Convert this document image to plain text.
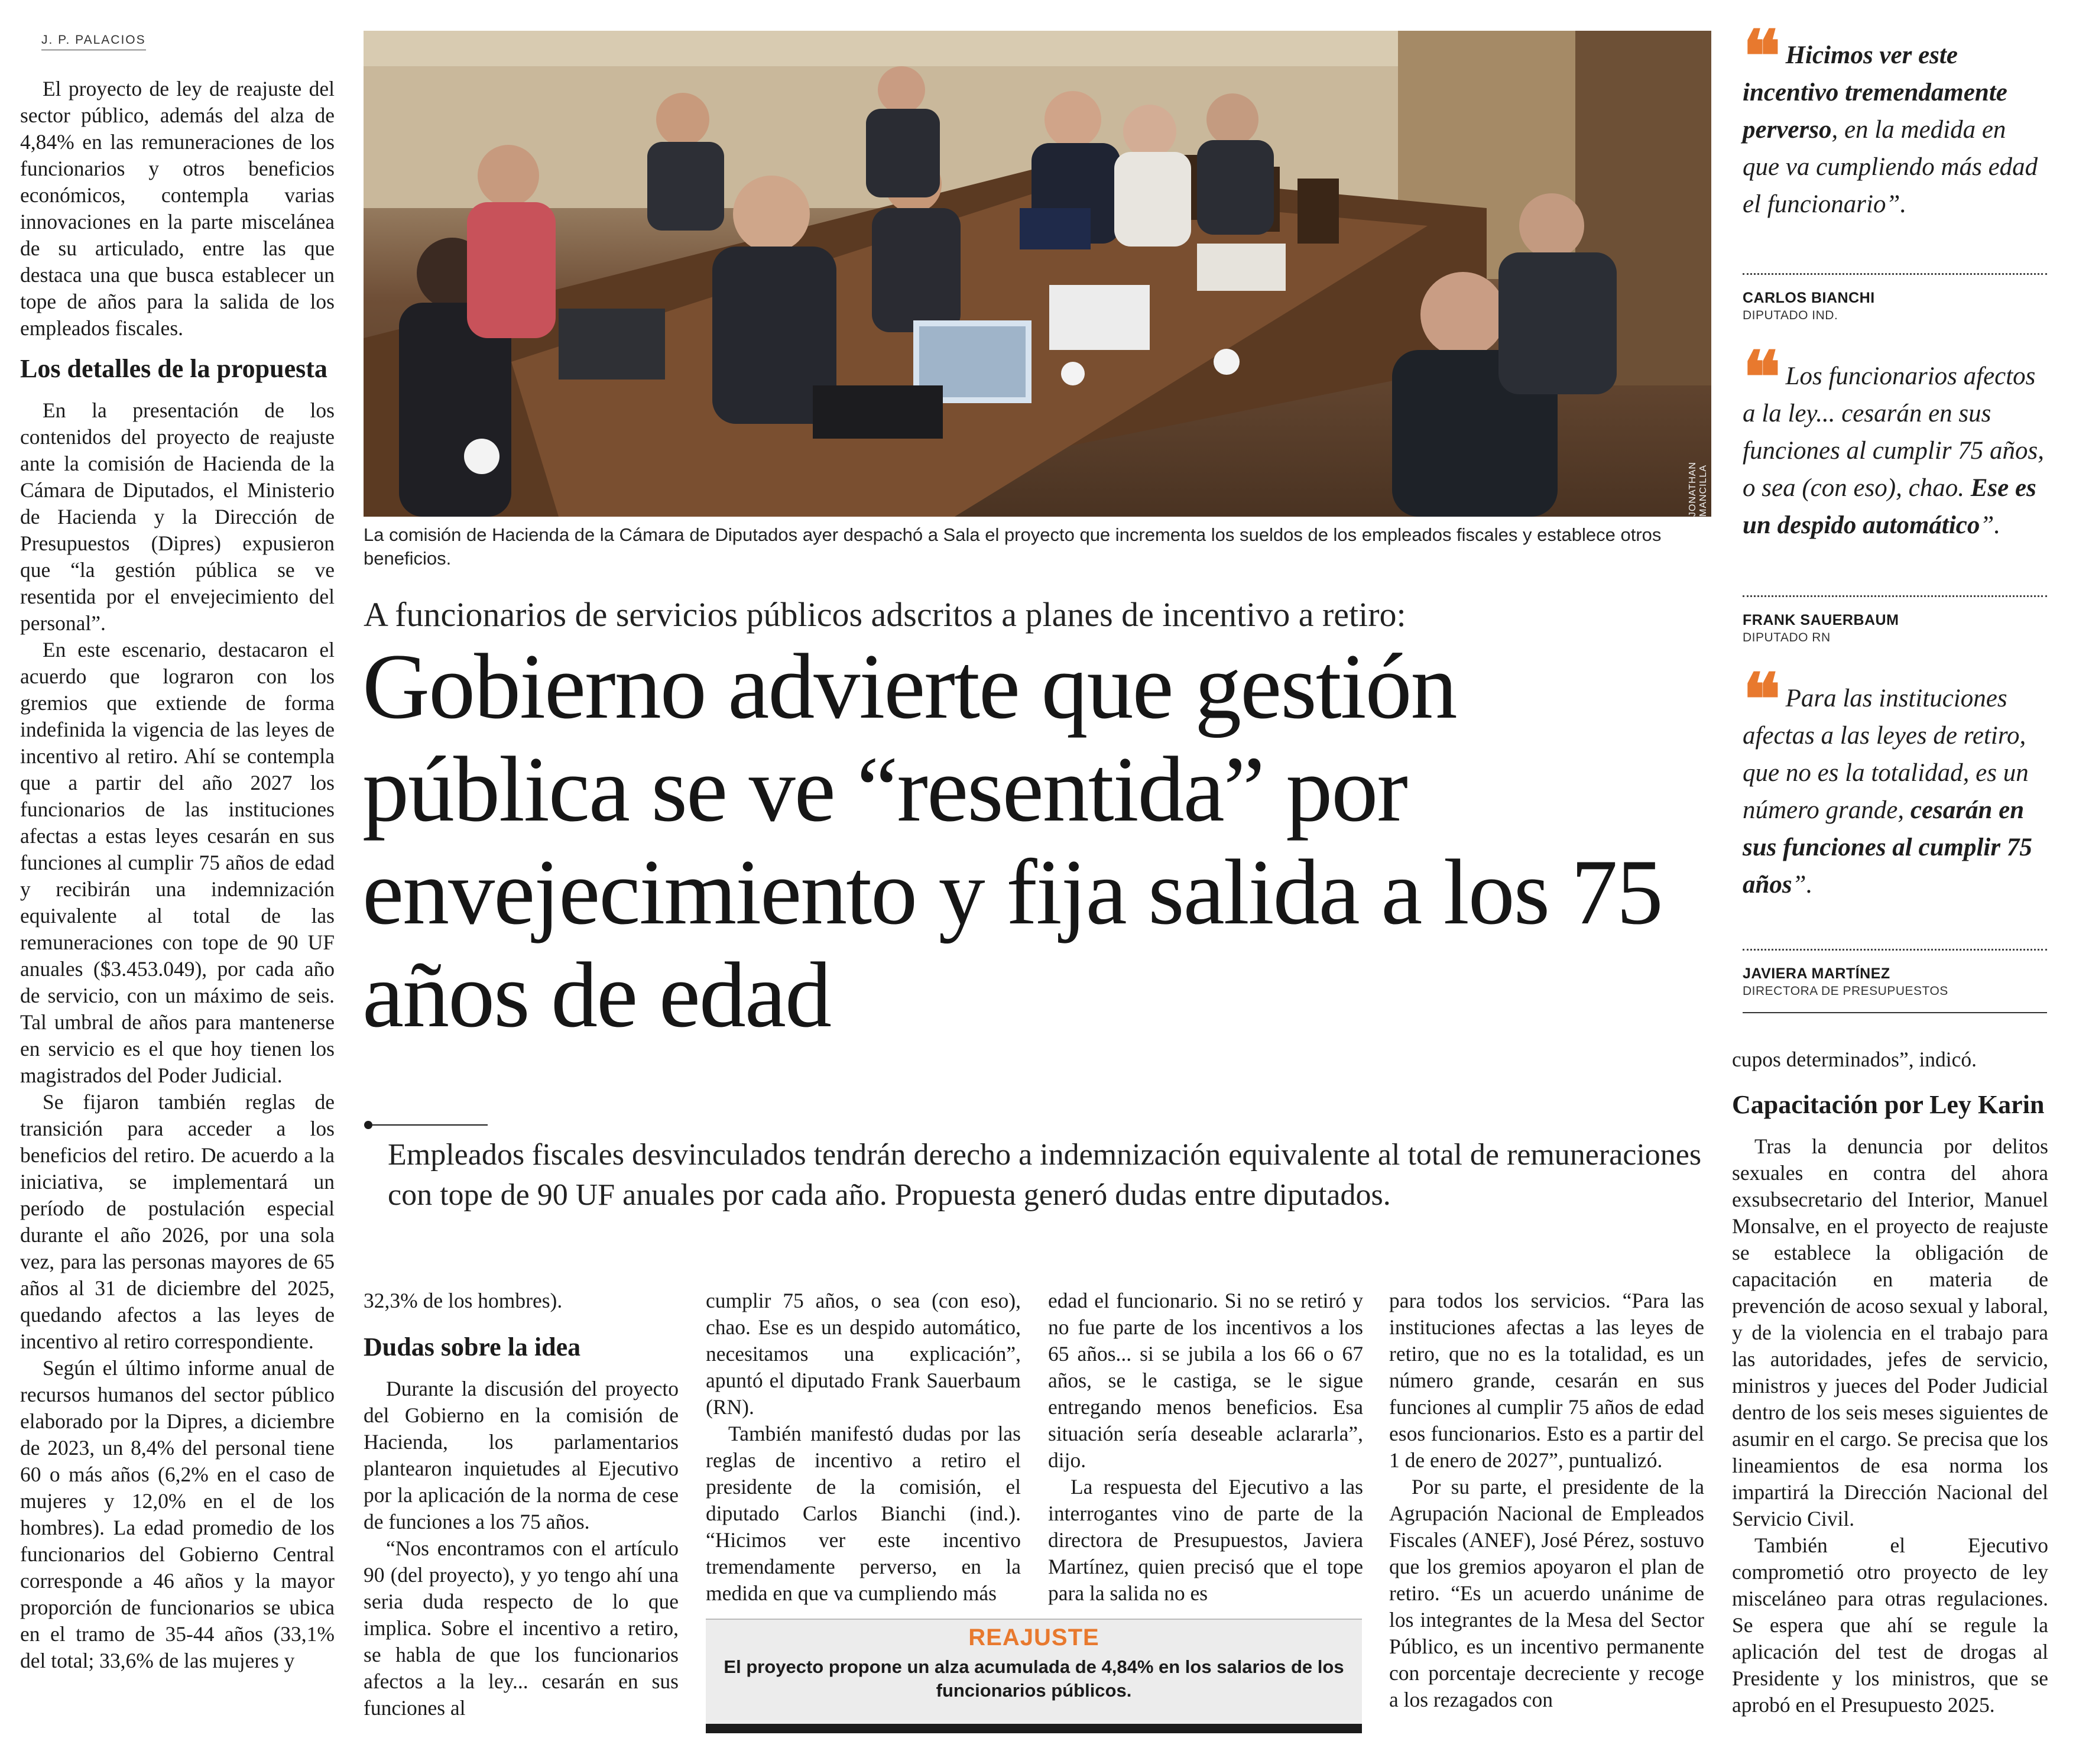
J. P. PALACIOS

El proyecto de ley de reajuste del sector público, además del alza de 4,84% en las remuneraciones de los funcionarios y otros beneficios económicos, contempla varias innovaciones en la parte miscelánea de su articulado, entre las que destaca una que busca establecer un tope de años para la salida de los empleados fiscales.

Los detalles de la propuesta

En la presentación de los contenidos del proyecto de reajuste ante la comisión de Hacienda de la Cámara de Diputados, el Ministerio de Hacienda y la Dirección de Presupuestos (Dipres) expusieron que “la gestión pública se ve resentida por el envejecimiento del personal”.

En este escenario, destacaron el acuerdo que lograron con los gremios que extiende de forma indefinida la vigencia de las leyes de incentivo al retiro. Ahí se contempla que a partir del año 2027 los funcionarios de las instituciones afectas a estas leyes cesarán en sus funciones al cumplir 75 años de edad y recibirán una indemnización equivalente al total de las remuneraciones con tope de 90 UF anuales ($3.453.049), por cada año de servicio, con un máximo de seis. Tal umbral de años para mantenerse en servicio es el que hoy tienen los magistrados del Poder Judicial.

Se fijaron también reglas de transición para acceder a los beneficios del retiro. De acuerdo a la iniciativa, se implementará un período de postulación especial durante el año 2026, por una sola vez, para las personas mayores de 65 años al 31 de diciembre del 2025, quedando afectos a las leyes de incentivo al retiro correspondiente.

Según el último informe anual de recursos humanos del sector público elaborado por la Dipres, a diciembre de 2023, un 8,4% del personal tiene 60 o más años (6,2% en el caso de mujeres y 12,0% en el de los hombres). La edad promedio de los funcionarios del Gobierno Central corresponde a 46 años y la mayor proporción de funcionarios se ubica en el tramo de 35-44 años (33,1% del total; 33,6% de las mujeres y

JONATHAN MANCILLA
La comisión de Hacienda de la Cámara de Diputados ayer despachó a Sala el proyecto que incrementa los sueldos de los empleados fiscales y establece otros beneficios.
A funcionarios de servicios públicos adscritos a planes de incentivo a retiro:
Gobierno advierte que gestión pública se ve “resentida” por envejecimiento y fija salida a los 75 años de edad
Empleados fiscales desvinculados tendrán derecho a indemnización equivalente al total de remuneraciones con tope de 90 UF anuales por cada año. Propuesta generó dudas entre diputados.

32,3% de los hombres).

Dudas sobre la idea

Durante la discusión del proyecto del Gobierno en la comisión de Hacienda, los parlamentarios plantearon inquietudes al Ejecutivo por la aplicación de la norma de cese de funciones a los 75 años.

“Nos encontramos con el artículo 90 (del proyecto), y yo tengo ahí una seria duda respecto de lo que implica. Sobre el incentivo a retiro, se habla de que los funcionarios afectos a la ley... cesarán en sus funciones al

cumplir 75 años, o sea (con eso), chao. Ese es un despido automático, necesitamos una explicación”, apuntó el diputado Frank Sauerbaum (RN).

También manifestó dudas por las reglas de incentivo a retiro el presidente de la comisión, el diputado Carlos Bianchi (ind.). “Hicimos ver este incentivo tremendamente perverso, en la medida en que va cumpliendo más

edad el funcionario. Si no se retiró y no fue parte de los incentivos a los 65 años... si se jubila a los 66 o 67 años, se le castiga, se le sigue entregando menos beneficios. Esa situación sería deseable aclararla”, dijo.

La respuesta del Ejecutivo a las interrogantes vino de parte de la directora de Presupuestos, Javiera Martínez, quien precisó que el tope para la salida no es

para todos los servicios. “Para las instituciones afectas a las leyes de retiro, que no es la totalidad, es un número grande, cesarán en sus funciones al cumplir 75 años de edad esos funcionarios. Esto es a partir del 1 de enero de 2027”, puntualizó.

Por su parte, el presidente de la Agrupación Nacional de Empleados Fiscales (ANEF), José Pérez, sostuvo que los gremios apoyaron el plan de retiro. “Es un acuerdo unánime de los integrantes de la Mesa del Sector Público, es un incentivo permanente con porcentaje decreciente y recoge a los rezagados con

REAJUSTE
El proyecto propone un alza acumulada de 4,84% en los salarios de los funcionarios públicos.
❝ Hicimos ver este incentivo tremendamente perverso, en la medida en que va cumpliendo más edad el funcionario”.
CARLOS BIANCHI
DIPUTADO IND.
❝ Los funcionarios afectos a la ley... cesarán en sus funciones al cumplir 75 años, o sea (con eso), chao. Ese es un despido automático”.
FRANK SAUERBAUM
DIPUTADO RN
❝ Para las instituciones afectas a las leyes de retiro, que no es la totalidad, es un número grande, cesarán en sus funciones al cumplir 75 años”.
JAVIERA MARTÍNEZ
DIRECTORA DE PRESUPUESTOS

cupos determinados”, indicó.

Capacitación por Ley Karin

Tras la denuncia por delitos sexuales en contra del ahora exsubsecretario del Interior, Manuel Monsalve, en el proyecto de reajuste se establece la obligación de capacitación en materia de prevención de acoso sexual y laboral, y de la violencia en el trabajo para las autoridades, jefes de servicio, ministros y jueces del Poder Judicial dentro de los seis meses siguientes de asumir en el cargo. Se precisa que los lineamientos de esa norma los impartirá la Dirección Nacional del Servicio Civil.

También el Ejecutivo comprometió otro proyecto de ley misceláneo para otras regulaciones. Se espera que ahí se regule la aplicación del test de drogas al Presidente y los ministros, que se aprobó en el Presupuesto 2025.
